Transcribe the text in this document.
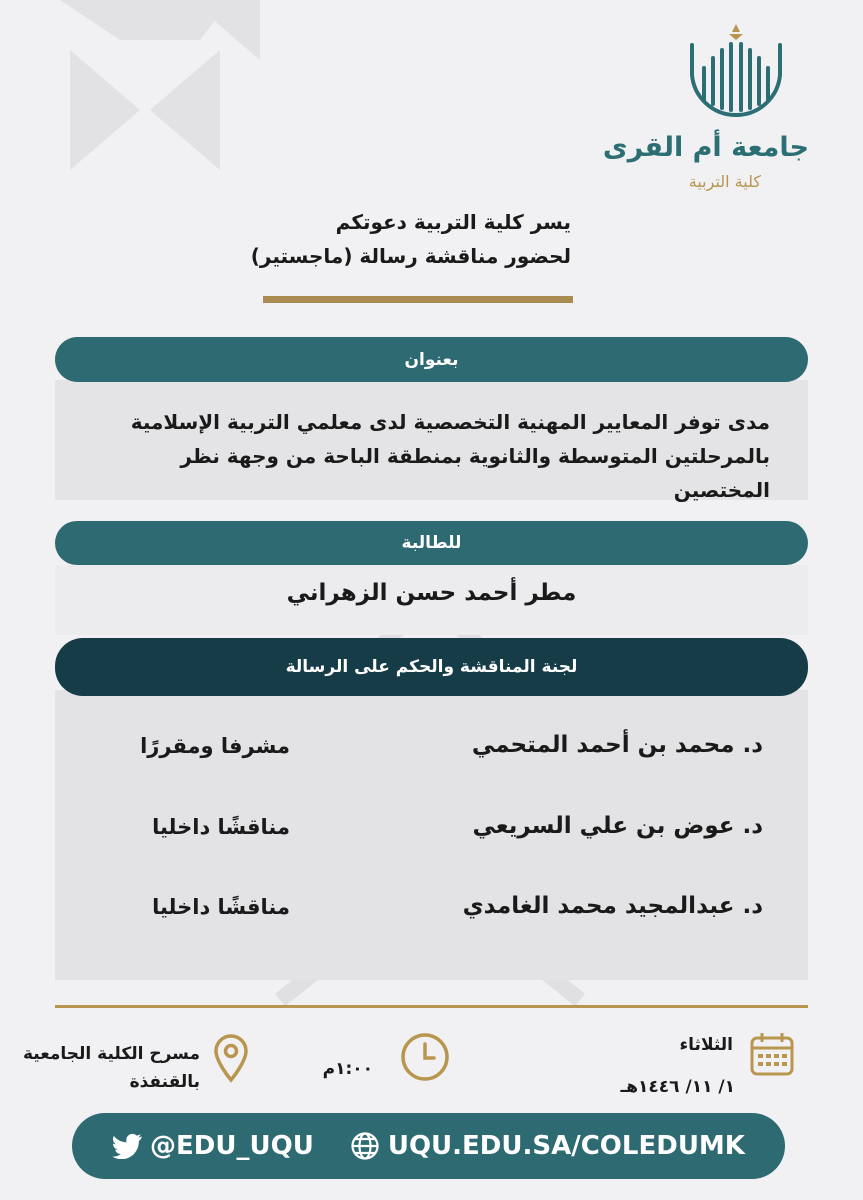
جامعة أم القرى
كلية التربية
يسر كلية التربية دعوتكم
لحضور مناقشة رسالة (ماجستير)
بعنوان
مدى توفر المعايير المهنية التخصصية لدى معلمي التربية الإسلامية
بالمرحلتين المتوسطة والثانوية بمنطقة الباحة من وجهة نظر المختصين
للطالبة
مطر أحمد حسن الزهراني
لجنة المناقشة والحكم على الرسالة
د. محمد بن أحمد المتحمي
مشرفا ومقررًا
د. عوض بن علي السريعي
مناقشًا داخليا
د. عبدالمجيد محمد الغامدي
مناقشًا داخليا
الثلاثاء
١/ ١١/ ١٤٤٦هـ
١:٠٠م
مسرح الكلية الجامعية
بالقنفذة
@EDU_UQU	UQU.EDU.SA/COLEDUMK
